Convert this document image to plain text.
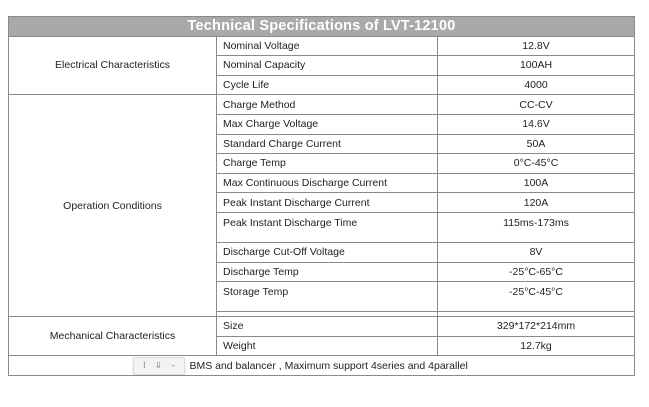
Technical Specifications of LVT-12100		
Electrical Characteristics	Nominal Voltage	12.8V
	Nominal Capacity	100AH
	Cycle Life	4000
Operation Conditions	Charge Method	CC-CV
	Max Charge Voltage	14.6V
	Standard Charge Current	50A
	Charge Temp	0°C-45°C
	Max Continuous Discharge Current	100A
	Peak Instant Discharge Current	120A
	Peak Instant Discharge Time	115ms-173ms
	Discharge Cut-Off Voltage	8V
	Discharge Temp	-25°C-65°C
	Storage Temp	-25°C-45°C

Mechanical Characteristics	Size	329*172*214mm
	Weight	12.7kg
I ⇓ – BMS and balancer , Maximum support 4series and 4parallel		
